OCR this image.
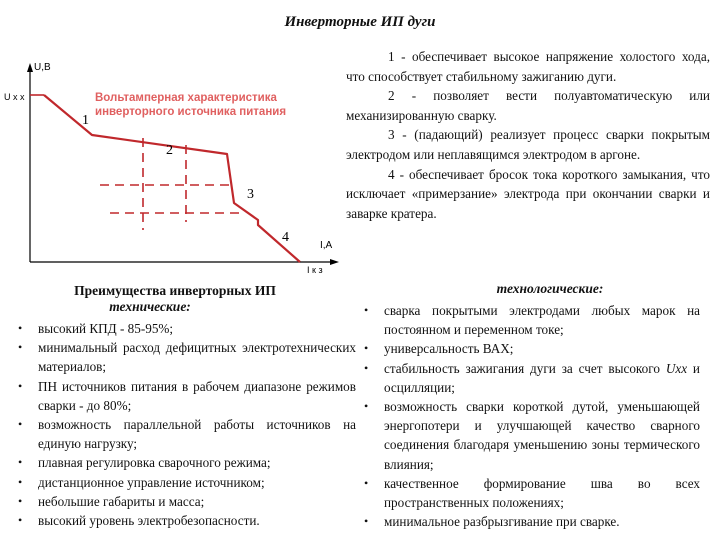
Инверторные ИП дуги
U,B
U x x
I,A
I к з
Вольтамперная характеристика
инверторного источника питания
1
2
3
4

1 - обеспечивает высокое напряжение холостого хода, что способствует стабильному зажиганию дуги.

2 - позволяет вести полуавтоматическую или механизированную сварку.

3 - (падающий) реализует процесс сварки покрытым электродом или неплавящимся электродом в аргоне.

4 - обеспечивает бросок тока короткого замыкания, что исключает «примерзание» электрода при окончании сварки и заварке кратера.

Преимущества инверторных ИП
технические:
технологические:
• высокий КПД - 85-95%;
• минимальный расход дефицитных электротехнических материалов;
• ПН источников питания в рабочем диапазоне режимов сварки - до 80%;
• возможность параллельной работы источников на единую нагрузку;
• плавная регулировка сварочного режима;
• дистанционное управление источником;
• небольшие габариты и масса;
• высокий уровень электробезопасности.
• сварка покрытыми электродами любых марок на постоянном и переменном токе;
• универсальность ВАХ;
• стабильность зажигания дуги за счет высокого Uхх и осцилляции;
• возможность сварки короткой дутой, уменьшающей энергопотери и улучшающей качество сварного соединения благодаря уменьшению зоны термического влияния;
• качественное формирование шва во всех пространственных положениях;
• минимальное разбрызгивание при сварке.
